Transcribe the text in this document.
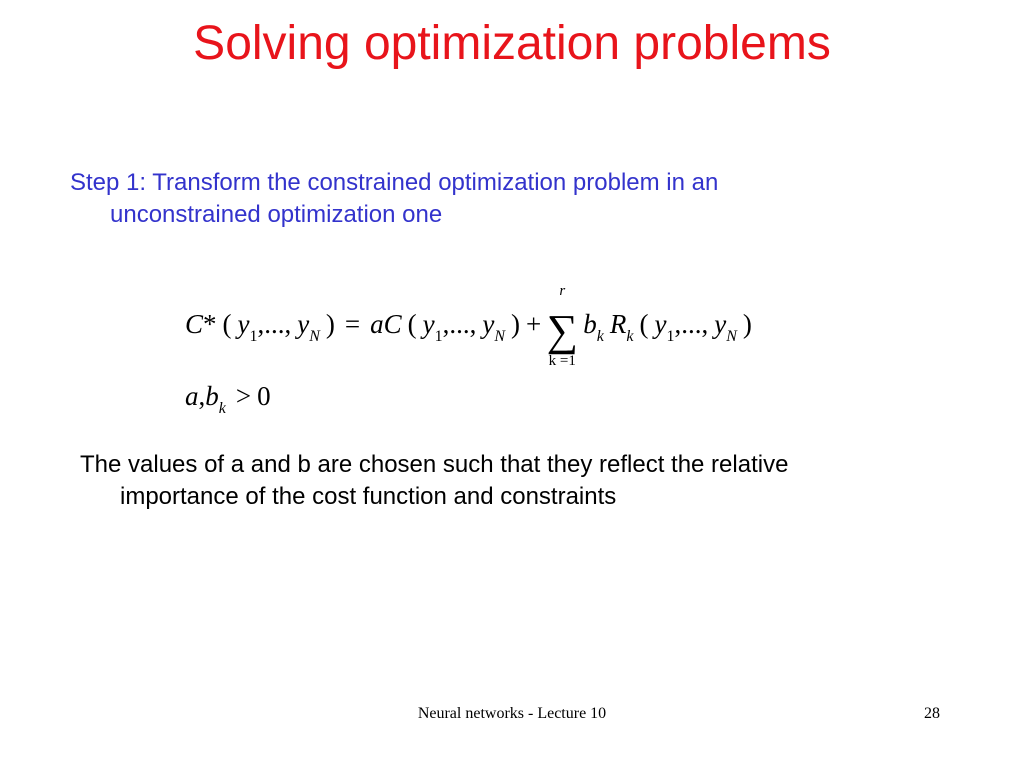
Solving optimization problems
Step 1: Transform the constrained optimization problem in an
unconstrained optimization one
C* ( $y_1$,..., $y_N$ ) = aC ( $y_1$,..., $y_N$ ) +
r
∑
k =1
$b_k$ $R_k$ ( $y_1$,..., $y_N$ )
$a,b_k > 0$
The values of a and b are chosen such that they reflect the relative
importance of the cost function and constraints
Neural networks - Lecture 10	28
